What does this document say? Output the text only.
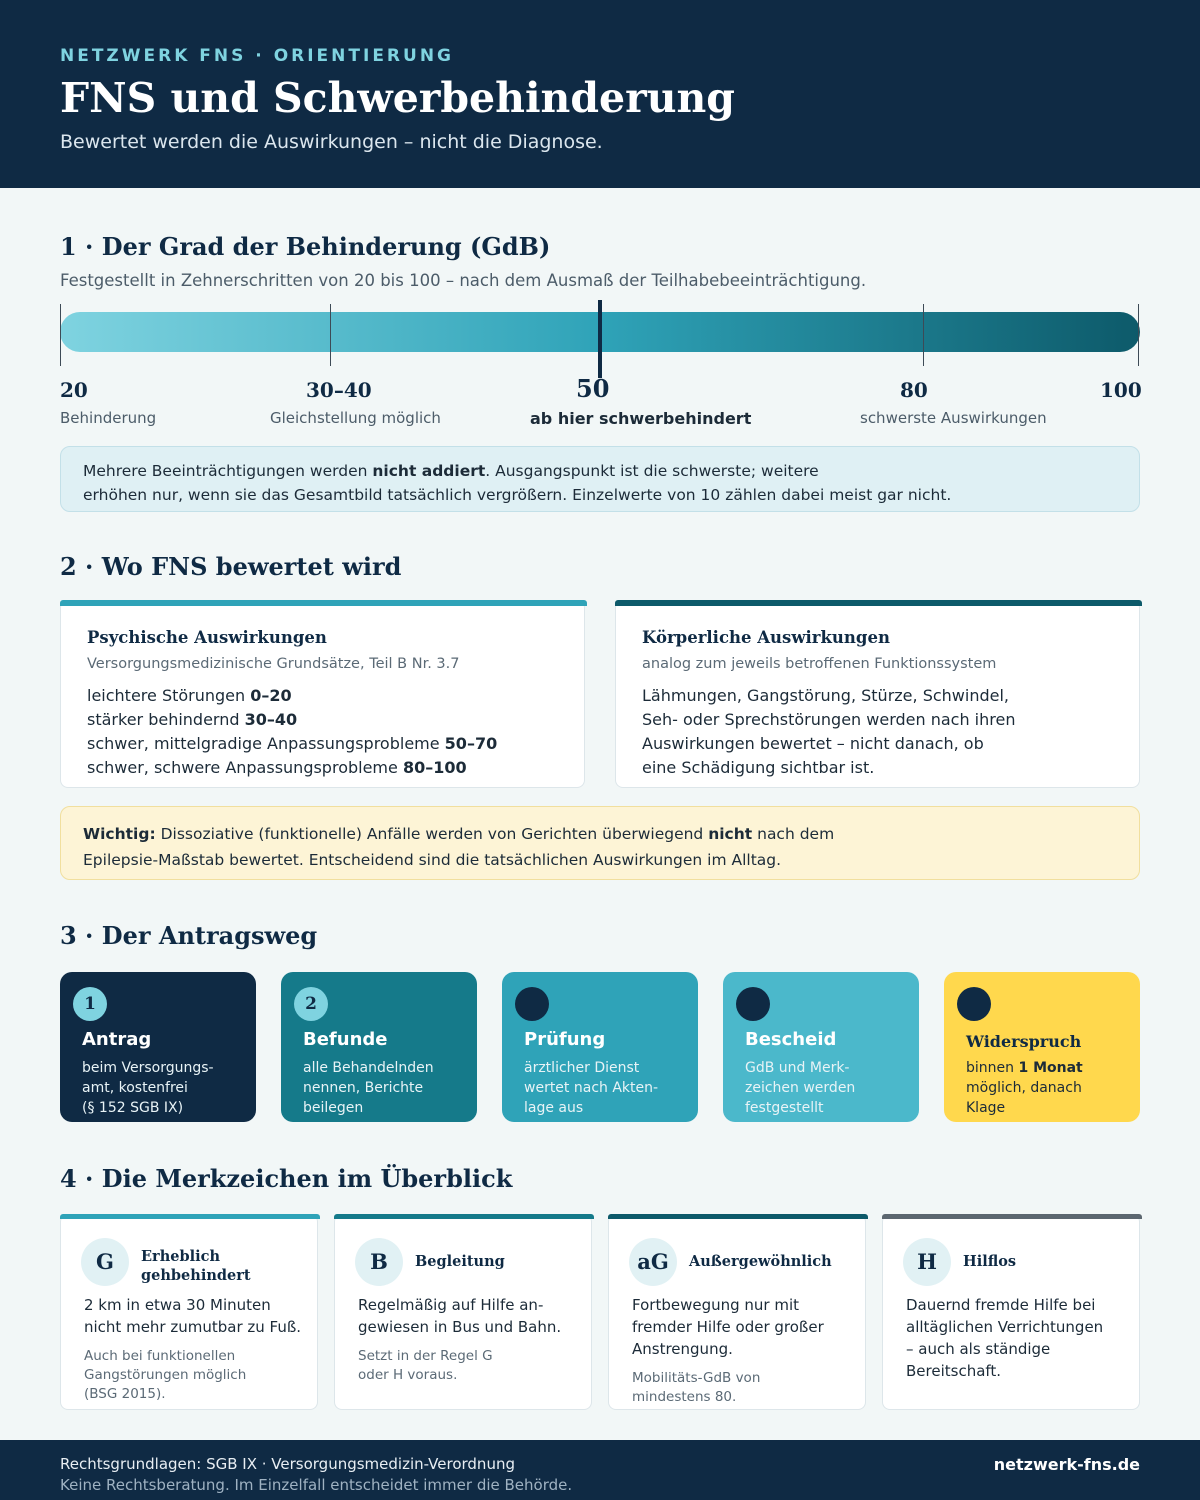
NETZWERK FNS · ORIENTIERUNG
FNS und Schwerbehinderung
Bewertet werden die Auswirkungen – nicht die Diagnose.
1 · Der Grad der Behinderung (GdB)
Festgestellt in Zehnerschritten von 20 bis 100 – nach dem Ausmaß der Teilhabebeeinträchtigung.
20
Behinderung
30–40
Gleichstellung möglich
50
ab hier schwerbehindert
80
schwerste Auswirkungen
100
Mehrere Beeinträchtigungen werden nicht addiert. Ausgangspunkt ist die schwerste; weitere
erhöhen nur, wenn sie das Gesamtbild tatsächlich vergrößern. Einzelwerte von 10 zählen dabei meist gar nicht.
2 · Wo FNS bewertet wird
Psychische Auswirkungen
Versorgungsmedizinische Grundsätze, Teil B Nr. 3.7
leichtere Störungen 0–20
stärker behindernd 30–40
schwer, mittelgradige Anpassungsprobleme 50–70
schwer, schwere Anpassungsprobleme 80–100
Körperliche Auswirkungen
analog zum jeweils betroffenen Funktionssystem
Lähmungen, Gangstörung, Stürze, Schwindel,
Seh- oder Sprechstörungen werden nach ihren
Auswirkungen bewertet – nicht danach, ob
eine Schädigung sichtbar ist.
Wichtig: Dissoziative (funktionelle) Anfälle werden von Gerichten überwiegend nicht nach dem
Epilepsie-Maßstab bewertet. Entscheidend sind die tatsächlichen Auswirkungen im Alltag.
3 · Der Antragsweg
1
Antrag
beim Versorgungs-
amt, kostenfrei
(§ 152 SGB IX)
2
Befunde
alle Behandelnden
nennen, Berichte
beilegen
Prüfung
ärztlicher Dienst
wertet nach Akten-
lage aus
Bescheid
GdB und Merk-
zeichen werden
festgestellt
Widerspruch
binnen 1 Monat
möglich, danach
Klage
4 · Die Merkzeichen im Überblick
G	Erheblich
gehbehindert
2 km in etwa 30 Minuten
nicht mehr zumutbar zu Fuß.
Auch bei funktionellen
Gangstörungen möglich
(BSG 2015).
B	Begleitung
Regelmäßig auf Hilfe an-
gewiesen in Bus und Bahn.
Setzt in der Regel G
oder H voraus.
aG	Außergewöhnlich
Fortbewegung nur mit
fremder Hilfe oder großer
Anstrengung.
Mobilitäts-GdB von
mindestens 80.
H	Hilflos
Dauernd fremde Hilfe bei
alltäglichen Verrichtungen
– auch als ständige
Bereitschaft.
Rechtsgrundlagen: SGB IX · Versorgungsmedizin-Verordnung
Keine Rechtsberatung. Im Einzelfall entscheidet immer die Behörde.
netzwerk-fns.de
